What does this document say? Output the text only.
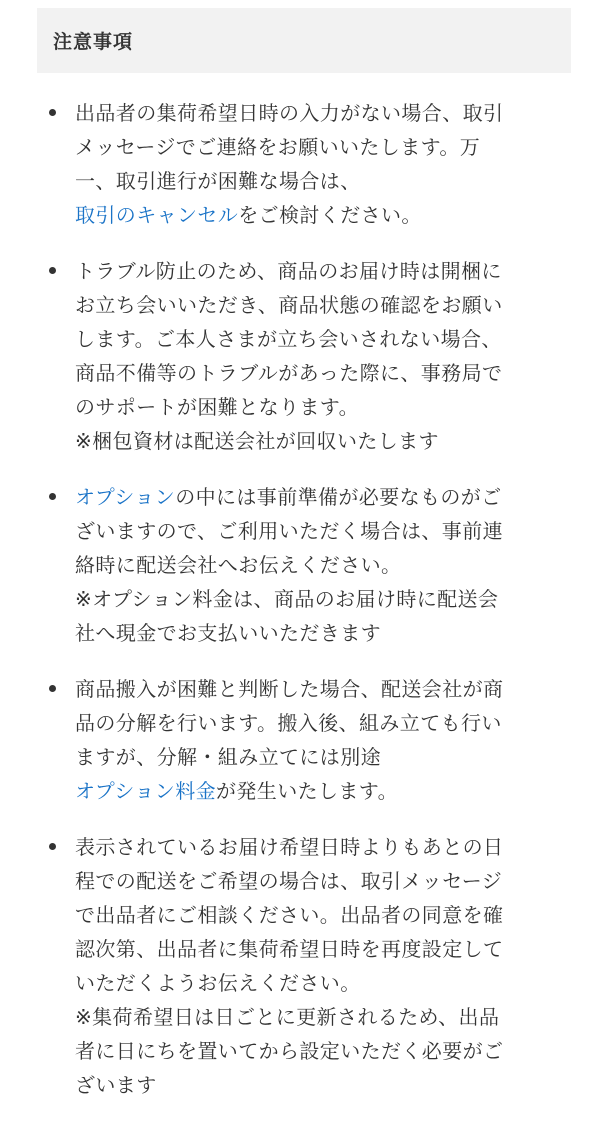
注意事項
出品者の集荷希望日時の入力がない場合、取引
メッセージでご連絡をお願いいたします。万
一、取引進行が困難な場合は、
取引のキャンセルをご検討ください。
トラブル防止のため、商品のお届け時は開梱に
お立ち会いいただき、商品状態の確認をお願い
します。ご本人さまが立ち会いされない場合、
商品不備等のトラブルがあった際に、事務局で
のサポートが困難となります。
※梱包資材は配送会社が回収いたします
オプションの中には事前準備が必要なものがご
ざいますので、ご利用いただく場合は、事前連
絡時に配送会社へお伝えください。
※オプション料金は、商品のお届け時に配送会
社へ現金でお支払いいただきます
商品搬入が困難と判断した場合、配送会社が商
品の分解を行います。搬入後、組み立ても行い
ますが、分解・組み立てには別途
オプション料金が発生いたします。
表示されているお届け希望日時よりもあとの日
程での配送をご希望の場合は、取引メッセージ
で出品者にご相談ください。出品者の同意を確
認次第、出品者に集荷希望日時を再度設定して
いただくようお伝えください。
※集荷希望日は日ごとに更新されるため、出品
者に日にちを置いてから設定いただく必要がご
ざいます
